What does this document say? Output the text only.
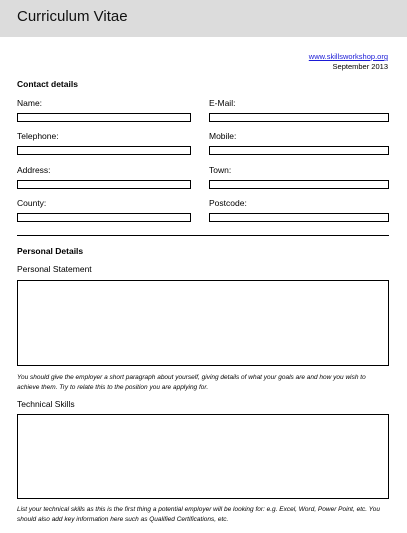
Curriculum Vitae
www.skillsworkshop.org
September 2013
Contact details
Name:	E-Mail:
Telephone:	Mobile:
Address:	Town:
County:	Postcode:
Personal Details
Personal Statement
You should give the employer a short paragraph about yourself, giving details of what your goals are and how you wish to achieve them. Try to relate this to the position you are applying for.
Technical Skills
List your technical skills as this is the first thing a potential employer will be looking for: e.g. Excel, Word, Power Point, etc. You should also add key information here such as Qualified Certifications, etc.
